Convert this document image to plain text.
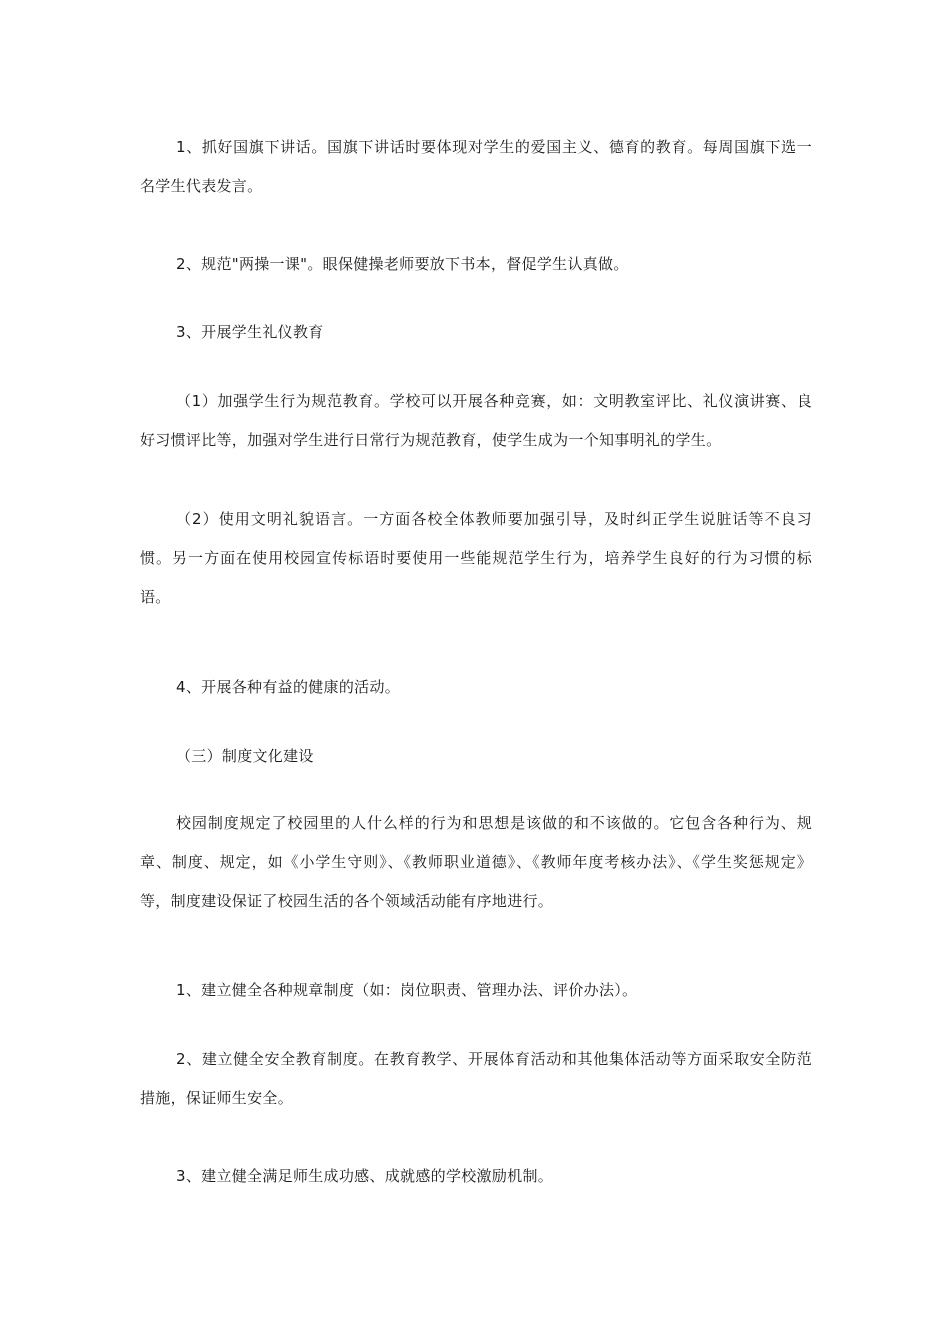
1、抓好国旗下讲话。国旗下讲话时要体现对学生的爱国主义、德育的教育。每周国旗下选一名学生代表发言。

2、规范"两操一课"。眼保健操老师要放下书本，督促学生认真做。

3、开展学生礼仪教育

（1）加强学生行为规范教育。学校可以开展各种竞赛，如：文明教室评比、礼仪演讲赛、良好习惯评比等，加强对学生进行日常行为规范教育，使学生成为一个知事明礼的学生。

（2）使用文明礼貌语言。一方面各校全体教师要加强引导，及时纠正学生说脏话等不良习惯。另一方面在使用校园宣传标语时要使用一些能规范学生行为，培养学生良好的行为习惯的标语。

4、开展各种有益的健康的活动。

（三）制度文化建设

校园制度规定了校园里的人什么样的行为和思想是该做的和不该做的。它包含各种行为、规章、制度、规定，如《小学生守则》、《教师职业道德》、《教师年度考核办法》、《学生奖惩规定》等，制度建设保证了校园生活的各个领域活动能有序地进行。

1、建立健全各种规章制度（如：岗位职责、管理办法、评价办法）。

2、建立健全安全教育制度。在教育教学、开展体育活动和其他集体活动等方面采取安全防范措施，保证师生安全。

3、建立健全满足师生成功感、成就感的学校激励机制。
